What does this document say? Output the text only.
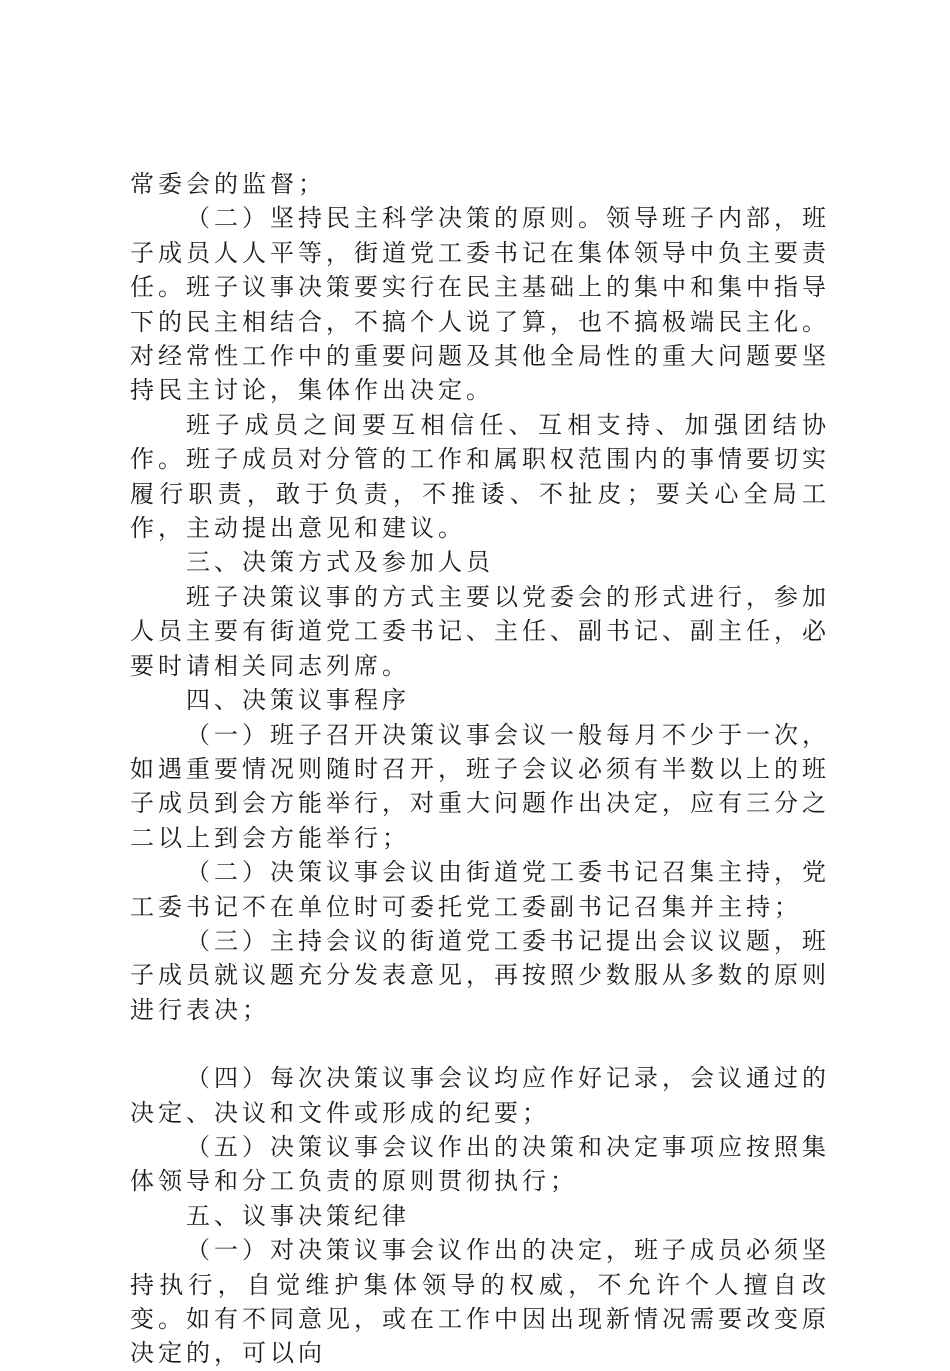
常委会的监督；

（二）坚持民主科学决策的原则。领导班子内部，班子成员人人平等，街道党工委书记在集体领导中负主要责任。班子议事决策要实行在民主基础上的集中和集中指导下的民主相结合，不搞个人说了算，也不搞极端民主化。对经常性工作中的重要问题及其他全局性的重大问题要坚持民主讨论，集体作出决定。

班子成员之间要互相信任、互相支持、加强团结协作。班子成员对分管的工作和属职权范围内的事情要切实履行职责，敢于负责，不推诿、不扯皮；要关心全局工作，主动提出意见和建议。

三、决策方式及参加人员

班子决策议事的方式主要以党委会的形式进行，参加人员主要有街道党工委书记、主任、副书记、副主任，必要时请相关同志列席。

四、决策议事程序

（一）班子召开决策议事会议一般每月不少于一次，如遇重要情况则随时召开，班子会议必须有半数以上的班子成员到会方能举行，对重大问题作出决定，应有三分之二以上到会方能举行；

（二）决策议事会议由街道党工委书记召集主持，党工委书记不在单位时可委托党工委副书记召集并主持；

（三）主持会议的街道党工委书记提出会议议题，班子成员就议题充分发表意见，再按照少数服从多数的原则进行表决；

（四）每次决策议事会议均应作好记录，会议通过的决定、决议和文件或形成的纪要；

（五）决策议事会议作出的决策和决定事项应按照集体领导和分工负责的原则贯彻执行；

五、议事决策纪律

（一）对决策议事会议作出的决定，班子成员必须坚持执行，自觉维护集体领导的权威，不允许个人擅自改变。如有不同意见，或在工作中因出现新情况需要改变原决定的，可以向
